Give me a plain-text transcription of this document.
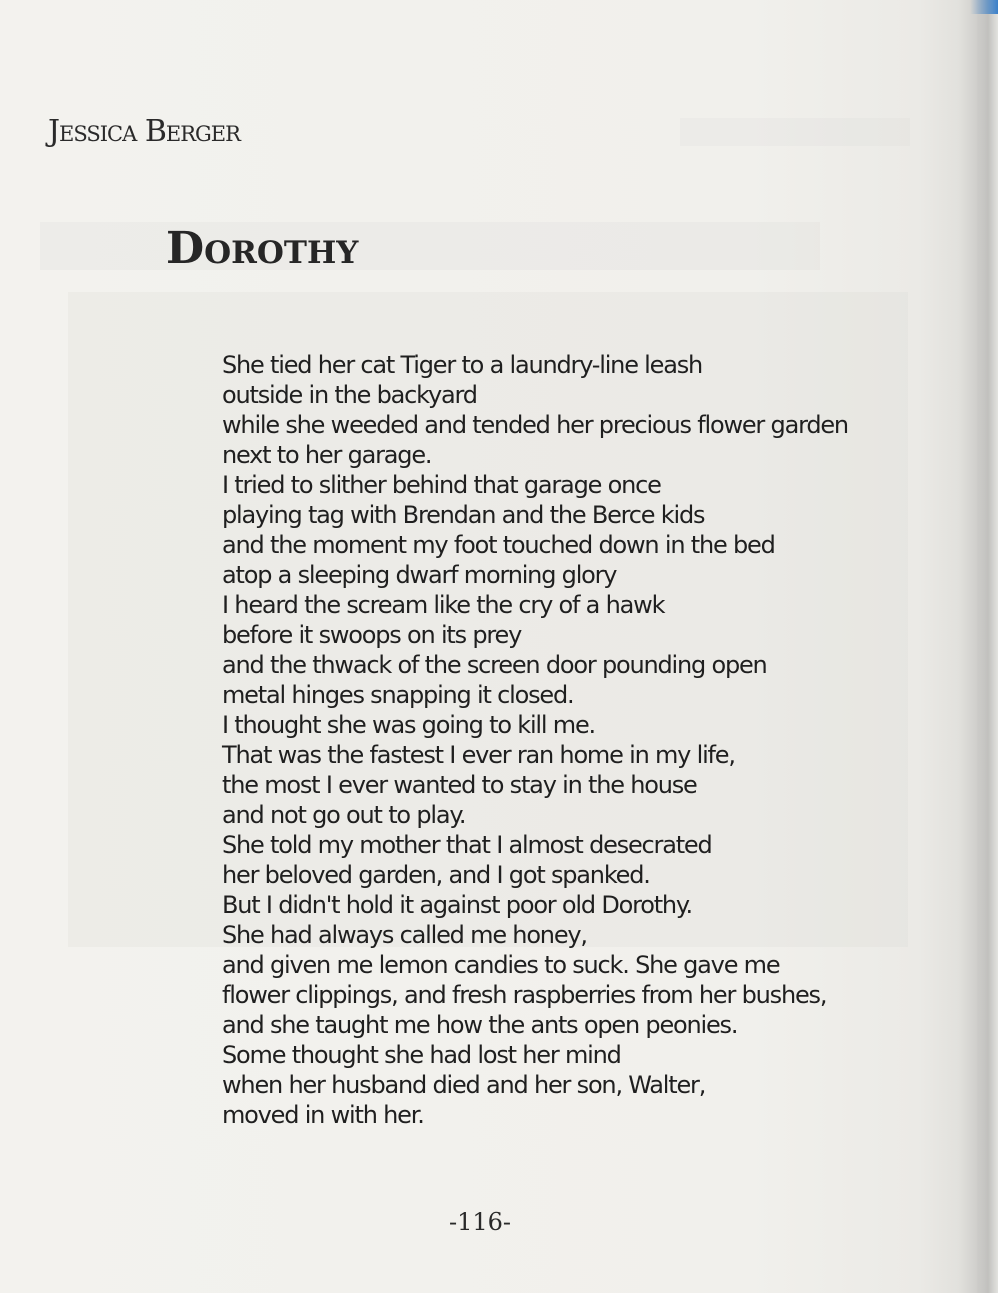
Jessica Berger
Dorothy
She tied her cat Tiger to a laundry-line leash
outside in the backyard
while she weeded and tended her precious flower garden
next to her garage.
I tried to slither behind that garage once
playing tag with Brendan and the Berce kids
and the moment my foot touched down in the bed
atop a sleeping dwarf morning glory
I heard the scream like the cry of a hawk
before it swoops on its prey
and the thwack of the screen door pounding open
metal hinges snapping it closed.
I thought she was going to kill me.
That was the fastest I ever ran home in my life,
the most I ever wanted to stay in the house
and not go out to play.
She told my mother that I almost desecrated
her beloved garden, and I got spanked.
But I didn't hold it against poor old Dorothy.
She had always called me honey,
and given me lemon candies to suck. She gave me
flower clippings, and fresh raspberries from her bushes,
and she taught me how the ants open peonies.
Some thought she had lost her mind
when her husband died and her son, Walter,
moved in with her.
-116-
